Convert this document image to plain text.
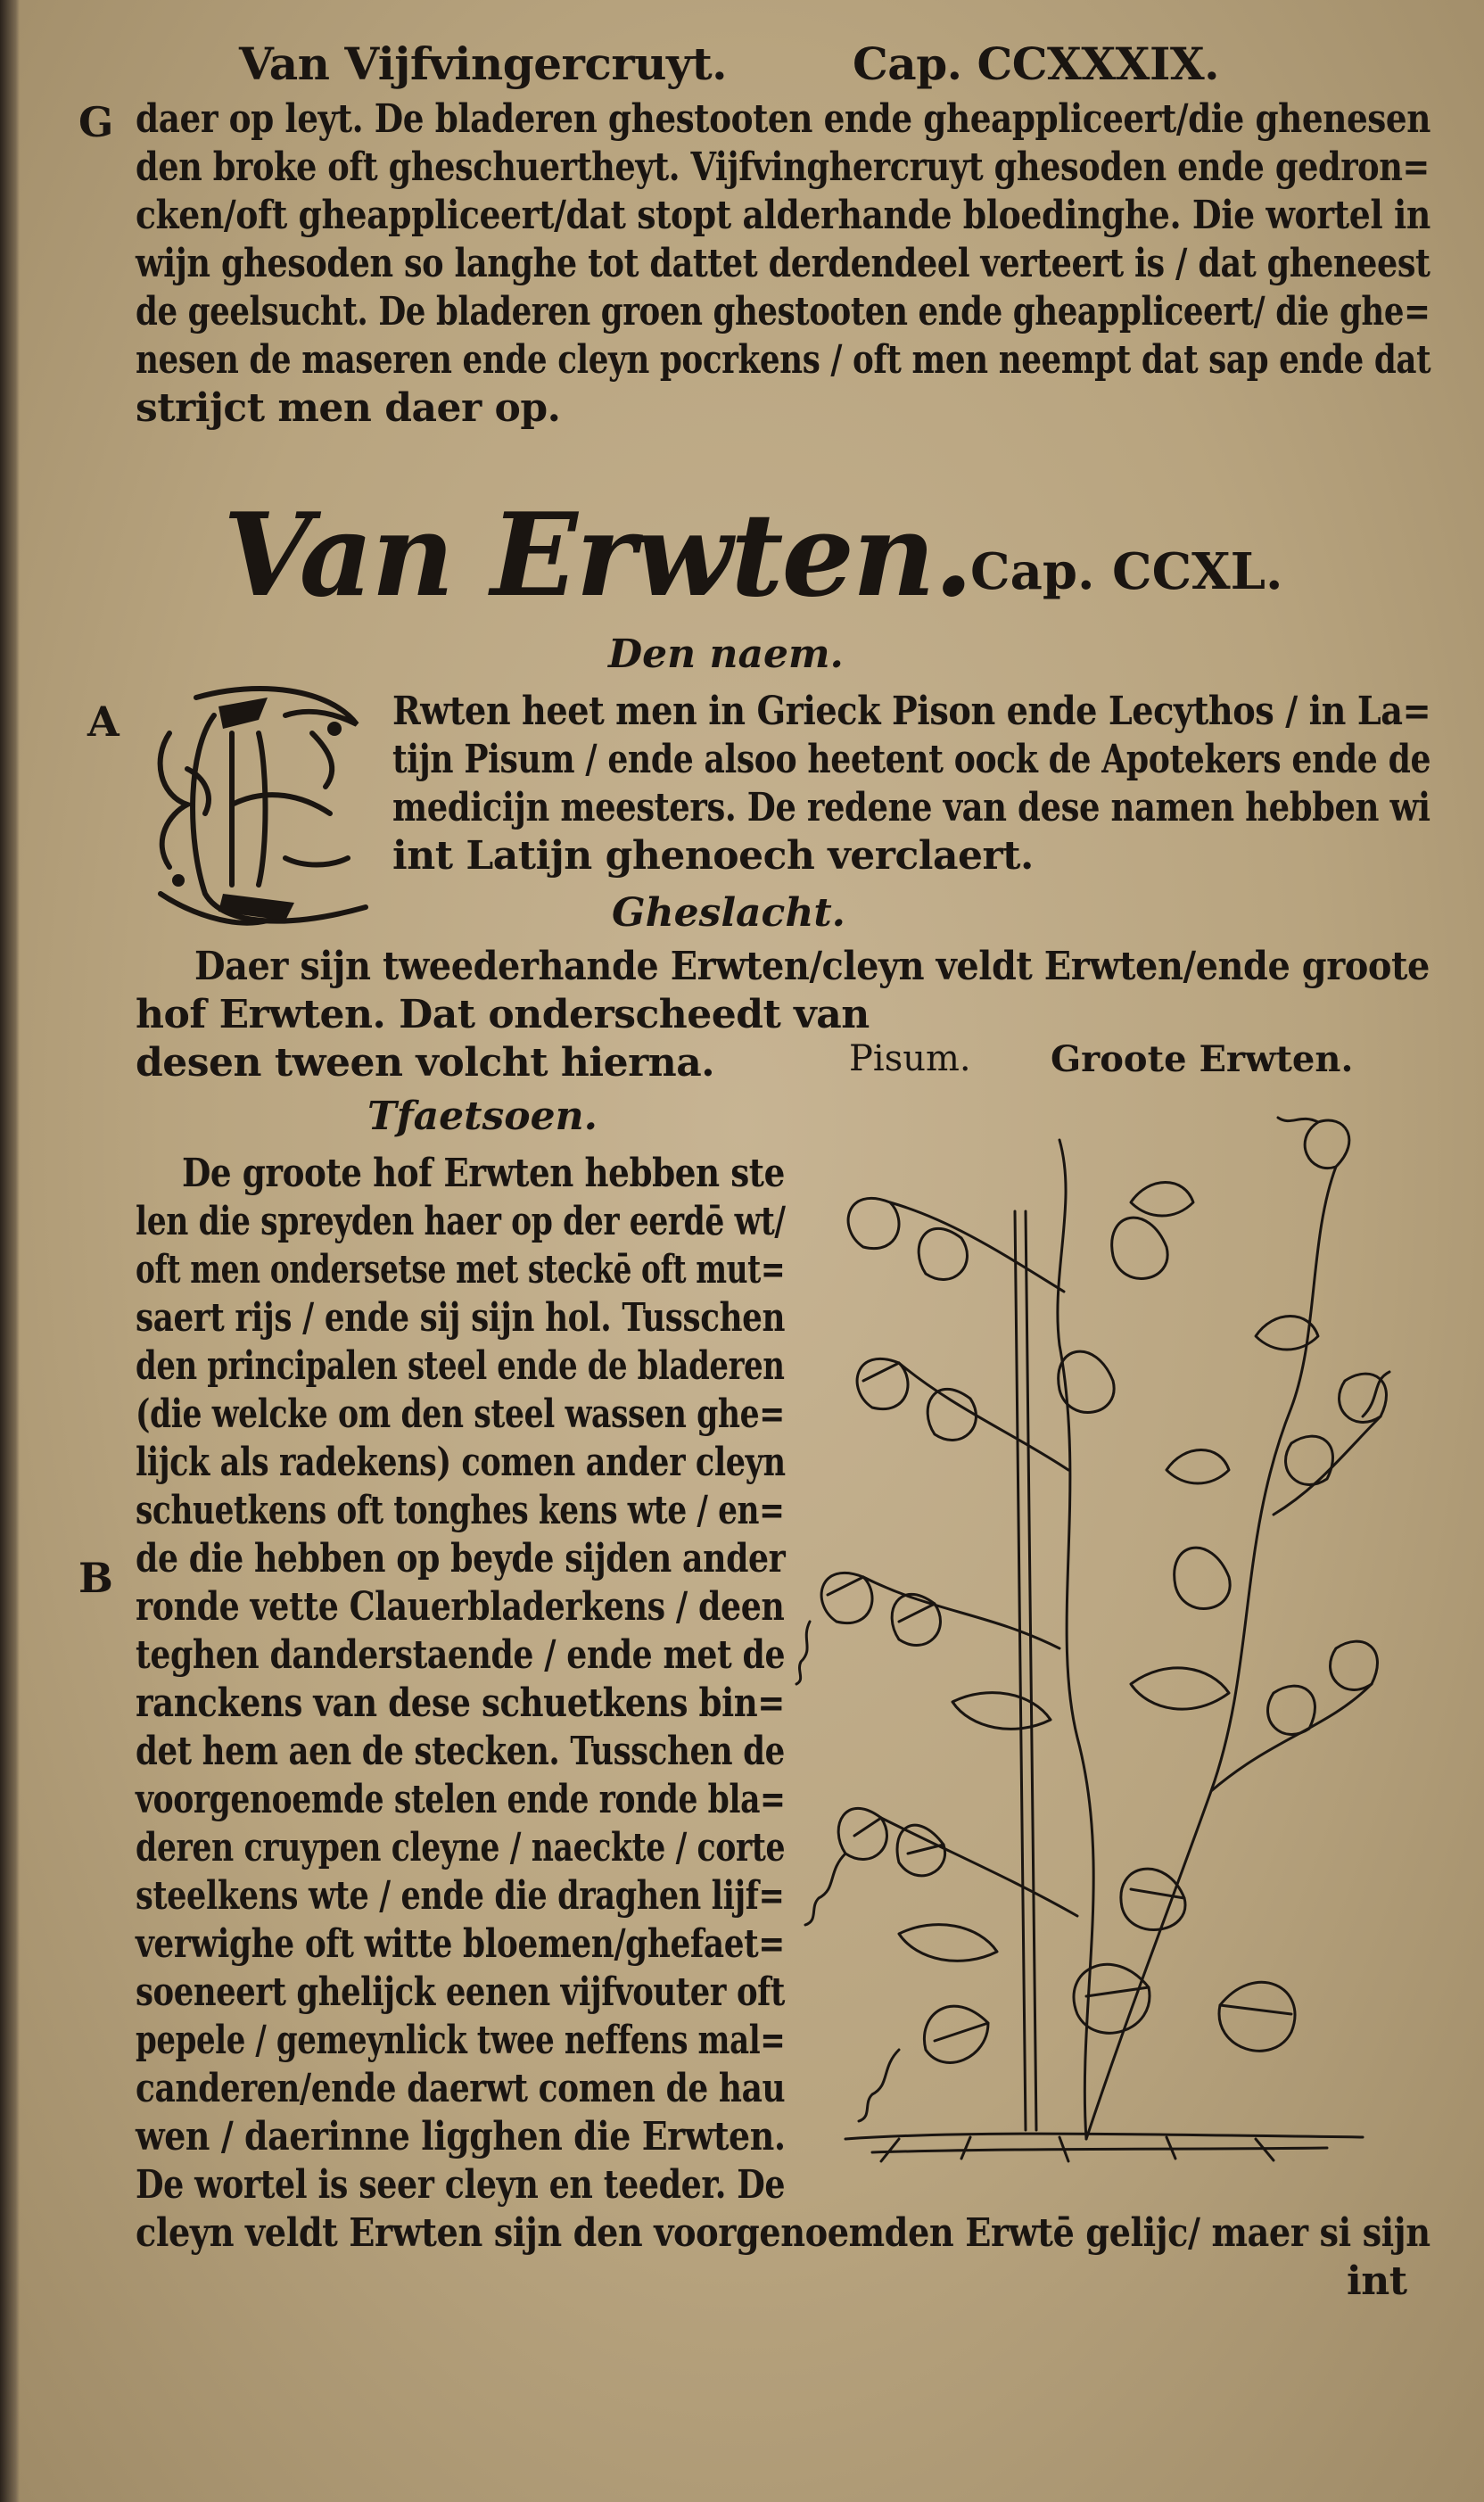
Van Vijfvingercruyt.	Cap. CCXXXIX.
G daer op leyt. De bladeren ghestooten ende gheappliceert/die ghenesen
den broke oft gheschuertheyt. Vijfvinghercruyt ghesoden ende gedron=
cken/oft gheappliceert/dat stopt alderhande bloedinghe. Die wortel in
wijn ghesoden so langhe tot dattet derdendeel verteert is / dat gheneest
de geelsucht. De bladeren groen ghestooten ende gheappliceert/ die ghe=
nesen de maseren ende cleyn pocrkens / oft men neempt dat sap ende dat
strijct men daer op.
Van Erwten.
Cap. CCXL.
Den naem.
A	Rwten heet men in Grieck Pison ende Lecythos / in La=
tijn Pisum / ende alsoo heetent oock de Apotekers ende de
medicijn meesters. De redene van dese namen hebben wi
int Latijn ghenoech verclaert.
Gheslacht.
Daer sijn tweederhande Erwten/cleyn veldt Erwten/ende groote
hof Erwten. Dat onderscheedt van
desen tween volcht hierna.	Pisum. Groote Erwten.
Tfaetsoen.
B
De groote hof Erwten hebben ste
len die spreyden haer op der eerdē wt/
oft men ondersetse met steckē oft mut=
saert rijs / ende sij sijn hol. Tusschen
den principalen steel ende de bladeren
(die welcke om den steel wassen ghe=
lijck als radekens) comen ander cleyn
schuetkens oft tonghes kens wte / en=
de die hebben op beyde sijden ander
ronde vette Clauerbladerkens / deen
teghen danderstaende / ende met de
ranckens van dese schuetkens bin=
det hem aen de stecken. Tusschen de
voorgenoemde stelen ende ronde bla=
deren cruypen cleyne / naeckte / corte
steelkens wte / ende die draghen lijf=
verwighe oft witte bloemen/ghefaet=
soeneert ghelijck eenen vijfvouter oft
pepele / gemeynlick twee neffens mal=
canderen/ende daerwt comen de hau
wen / daerinne ligghen die Erwten.
De wortel is seer cleyn en teeder. De
cleyn veldt Erwten sijn den voorgenoemden Erwtē gelijc/ maer si sijn
int
